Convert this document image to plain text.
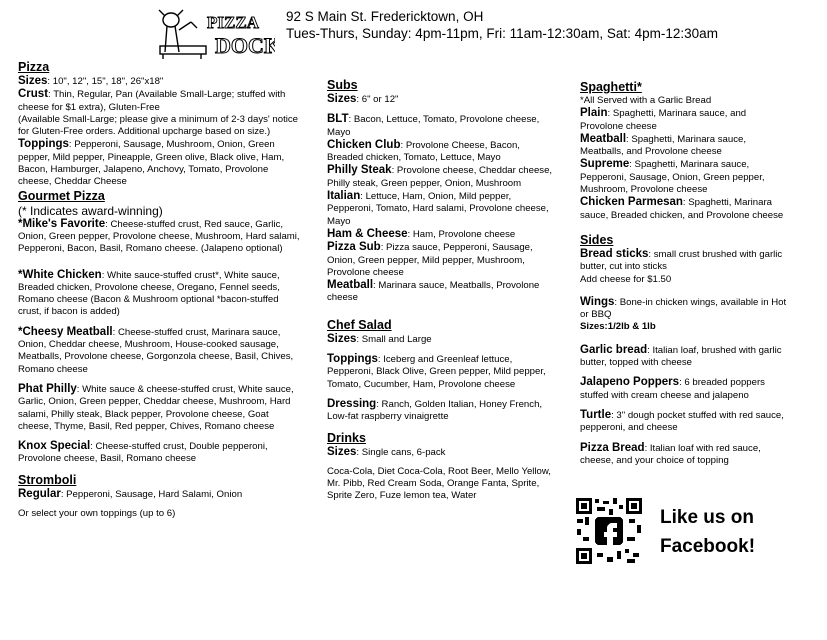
PIZZA
DOCK
92 S Main St. Fredericktown, OH
Tues-Thurs, Sunday: 4pm-11pm, Fri: 11am-12:30am, Sat: 4pm-12:30am
Pizza
Sizes: 10", 12", 15", 18", 26"x18"
Crust: Thin, Regular, Pan (Available Small-Large; stuffed with cheese for $1 extra), Gluten-Free
(Available Small-Large; please give a minimum of 2-3 days' notice for Gluten-Free orders. Additional upcharge based on size.)
Toppings: Pepperoni, Sausage, Mushroom, Onion, Green pepper, Mild pepper, Pineapple, Green olive, Black olive, Ham, Bacon, Hamburger, Jalapeno, Anchovy, Tomato, Provolone cheese, Cheddar Cheese
Gourmet Pizza
(* Indicates award-winning)
*Mike's Favorite: Cheese-stuffed crust, Red sauce, Garlic, Onion, Green pepper, Provolone cheese, Mushroom, Hard salami, Pepperoni, Bacon, Basil, Romano cheese. (Jalapeno optional)
*White Chicken: White sauce-stuffed crust*, White sauce, Breaded chicken, Provolone cheese, Oregano, Fennel seeds, Romano cheese (Bacon & Mushroom optional *bacon-stuffed crust, if bacon is added)
*Cheesy Meatball: Cheese-stuffed crust, Marinara sauce, Onion, Cheddar cheese, Mushroom, House-cooked sausage, Meatballs, Provolone cheese, Gorgonzola cheese, Basil, Chives, Romano cheese
Phat Philly: White sauce & cheese-stuffed crust, White sauce, Garlic, Onion, Green pepper, Cheddar cheese, Mushroom, Hard salami, Philly steak, Black pepper, Provolone cheese, Goat cheese, Thyme, Basil, Red pepper, Chives, Romano cheese
Knox Special: Cheese-stuffed crust, Double pepperoni, Provolone cheese, Basil, Romano cheese
Stromboli
Regular: Pepperoni, Sausage, Hard Salami, Onion
Or select your own toppings (up to 6)
Subs
Sizes: 6" or 12"
BLT: Bacon, Lettuce, Tomato, Provolone cheese, Mayo
Chicken Club: Provolone Cheese, Bacon, Breaded chicken, Tomato, Lettuce, Mayo
Philly Steak: Provolone cheese, Cheddar cheese, Philly steak, Green pepper, Onion, Mushroom
Italian: Lettuce, Ham, Onion, Mild pepper, Pepperoni, Tomato, Hard salami, Provolone cheese, Mayo
Ham & Cheese: Ham, Provolone cheese
Pizza Sub: Pizza sauce, Pepperoni, Sausage, Onion, Green pepper, Mild pepper, Mushroom, Provolone cheese
Meatball: Marinara sauce, Meatballs, Provolone cheese
Chef Salad
Sizes: Small and Large
Toppings: Iceberg and Greenleaf lettuce, Pepperoni, Black Olive, Green pepper, Mild pepper, Tomato, Cucumber, Ham, Provolone cheese
Dressing: Ranch, Golden Italian, Honey French, Low-fat raspberry vinaigrette
Drinks
Sizes: Single cans, 6-pack
Coca-Cola, Diet Coca-Cola, Root Beer, Mello Yellow, Mr. Pibb, Red Cream Soda, Orange Fanta, Sprite, Sprite Zero, Fuze lemon tea, Water
Spaghetti*
*All Served with a Garlic Bread
Plain: Spaghetti, Marinara sauce, and Provolone cheese
Meatball: Spaghetti, Marinara sauce, Meatballs, and Provolone cheese
Supreme: Spaghetti, Marinara sauce, Pepperoni, Sausage, Onion, Green pepper, Mushroom, Provolone cheese
Chicken Parmesan: Spaghetti, Marinara sauce, Breaded chicken, and Provolone cheese
Sides
Bread sticks: small crust brushed with garlic butter, cut into sticks
Add cheese for $1.50
Wings: Bone-in chicken wings, available in Hot or BBQ
Sizes:1/2lb & 1lb
Garlic bread: Italian loaf, brushed with garlic butter, topped with cheese
Jalapeno Poppers: 6 breaded poppers stuffed with cream cheese and jalapeno
Turtle: 3" dough pocket stuffed with red sauce, pepperoni, and cheese
Pizza Bread: Italian loaf with red sauce, cheese, and your choice of topping
Like us on
Facebook!
